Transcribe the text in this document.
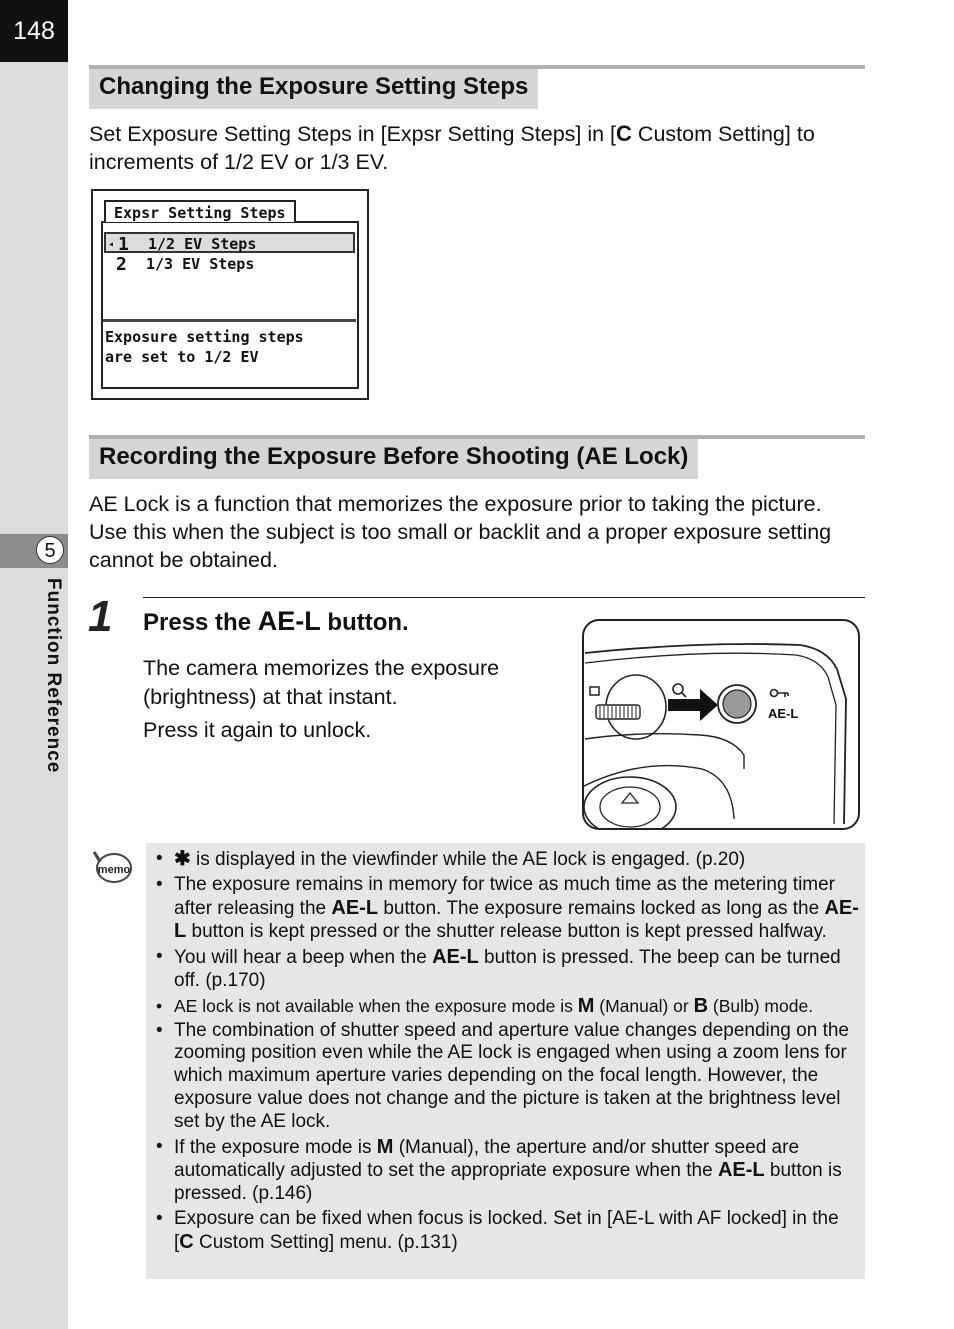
148
5
Function Reference
Changing the Exposure Setting Steps
Set Exposure Setting Steps in [Expsr Setting Steps] in [C Custom Setting] to increments of 1/2 EV or 1/3 EV.
Expsr Setting Steps
◂ 1 1/2 EV Steps
2 1/3 EV Steps
Exposure setting steps
are set to 1/2 EV
Recording the Exposure Before Shooting (AE Lock)
AE Lock is a function that memorizes the exposure prior to taking the picture. Use this when the subject is too small or backlit and a proper exposure setting cannot be obtained.
1 Press the AE-L button.
The camera memorizes the exposure (brightness) at that instant.
Press it again to unlock.
AE-L
memo
•	✱ is displayed in the viewfinder while the AE lock is engaged. (p.20)
• The exposure remains in memory for twice as much time as the metering timer after releasing the AE-L button. The exposure remains locked as long as the AE-L button is kept pressed or the shutter release button is kept pressed halfway.
• You will hear a beep when the AE-L button is pressed. The beep can be turned off. (p.170)
• AE lock is not available when the exposure mode is M (Manual) or B (Bulb) mode.
• The combination of shutter speed and aperture value changes depending on the zooming position even while the AE lock is engaged when using a zoom lens for which maximum aperture varies depending on the focal length. However, the exposure value does not change and the picture is taken at the brightness level set by the AE lock.
• If the exposure mode is M (Manual), the aperture and/or shutter speed are automatically adjusted to set the appropriate exposure when the AE-L button is pressed. (p.146)
• Exposure can be fixed when focus is locked. Set in [AE-L with AF locked] in the [C Custom Setting] menu. (p.131)
